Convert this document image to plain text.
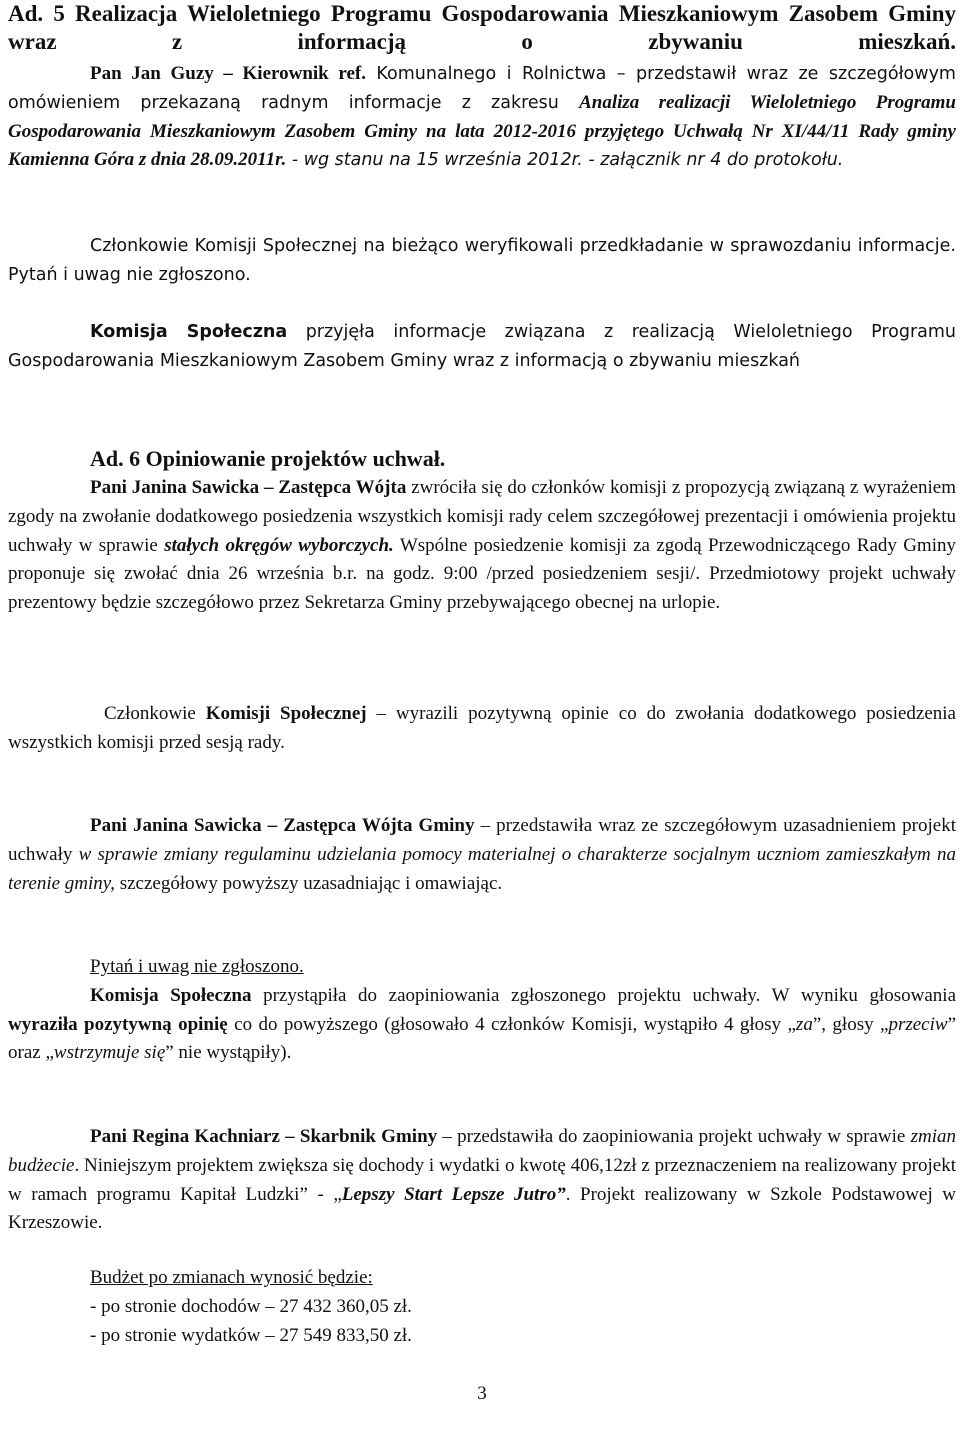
Ad. 5 Realizacja Wieloletniego Programu Gospodarowania Mieszkaniowym Zasobem Gminy wraz z informacją o zbywaniu mieszkań.
Pan Jan Guzy – Kierownik ref. Komunalnego i Rolnictwa – przedstawił wraz ze szczegółowym omówieniem przekazaną radnym informacje z zakresu Analiza realizacji Wieloletniego Programu Gospodarowania Mieszkaniowym Zasobem Gminy na lata 2012-2016 przyjętego Uchwałą Nr XI/44/11 Rady gminy Kamienna Góra z dnia 28.09.2011r. - wg stanu na 15 września 2012r. - załącznik nr 4 do protokołu.
Członkowie Komisji Społecznej na bieżąco weryfikowali przedkładanie w sprawozdaniu informacje. Pytań i uwag nie zgłoszono.
Komisja Społeczna przyjęła informacje związana z realizacją Wieloletniego Programu Gospodarowania Mieszkaniowym Zasobem Gminy wraz z informacją o zbywaniu mieszkań
Ad. 6 Opiniowanie projektów uchwał.
Pani Janina Sawicka – Zastępca Wójta zwróciła się do członków komisji z propozycją związaną z wyrażeniem zgody na zwołanie dodatkowego posiedzenia wszystkich komisji rady celem szczegółowej prezentacji i omówienia projektu uchwały w sprawie stałych okręgów wyborczych. Wspólne posiedzenie komisji za zgodą Przewodniczącego Rady Gminy proponuje się zwołać dnia 26 września b.r. na godz. 9:00 /przed posiedzeniem sesji/. Przedmiotowy projekt uchwały prezentowy będzie szczegółowo przez Sekretarza Gminy przebywającego obecnej na urlopie.
Członkowie Komisji Społecznej – wyrazili pozytywną opinie co do zwołania dodatkowego posiedzenia wszystkich komisji przed sesją rady.
Pani Janina Sawicka – Zastępca Wójta Gminy – przedstawiła wraz ze szczegółowym uzasadnieniem projekt uchwały w sprawie zmiany regulaminu udzielania pomocy materialnej o charakterze socjalnym uczniom zamieszkałym na terenie gminy, szczegółowy powyższy uzasadniając i omawiając.
Pytań i uwag nie zgłoszono.
Komisja Społeczna przystąpiła do zaopiniowania zgłoszonego projektu uchwały. W wyniku głosowania wyraziła pozytywną opinię co do powyższego (głosowało 4 członków Komisji, wystąpiło 4 głosy „za”, głosy „przeciw” oraz „wstrzymuje się” nie wystąpiły).
Pani Regina Kachniarz – Skarbnik Gminy – przedstawiła do zaopiniowania projekt uchwały w sprawie zmian budżecie. Niniejszym projektem zwiększa się dochody i wydatki o kwotę 406,12zł z przeznaczeniem na realizowany projekt w ramach programu Kapitał Ludzki” - „Lepszy Start Lepsze Jutro”. Projekt realizowany w Szkole Podstawowej w Krzeszowie.
Budżet po zmianach wynosić będzie:
- po stronie dochodów – 27 432 360,05 zł.
- po stronie wydatków – 27 549 833,50 zł.
3
